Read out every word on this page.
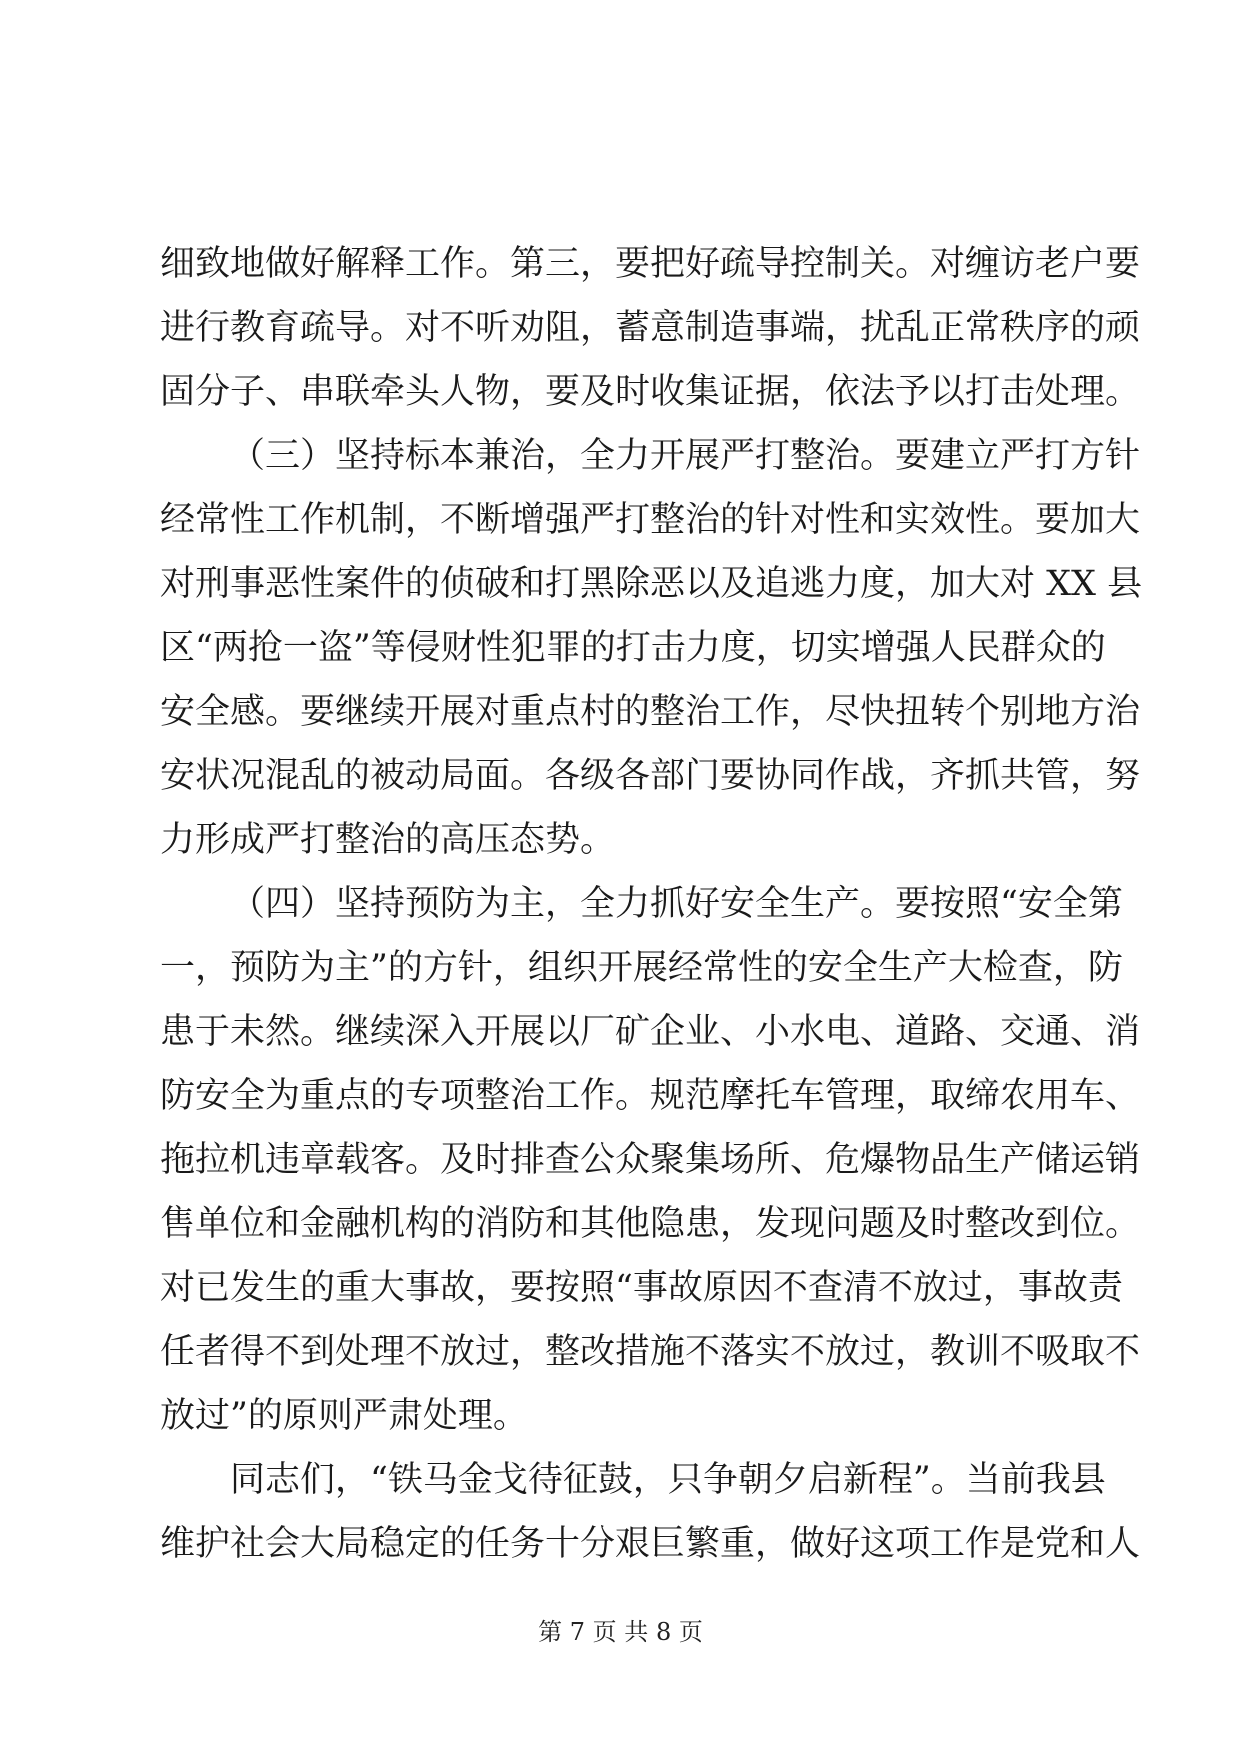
细致地做好解释工作。第三，要把好疏导控制关。对缠访老户要
进行教育疏导。对不听劝阻，蓄意制造事端，扰乱正常秩序的顽
固分子、串联牵头人物，要及时收集证据，依法予以打击处理。
（三）坚持标本兼治，全力开展严打整治。要建立严打方针
经常性工作机制，不断增强严打整治的针对性和实效性。要加大
对刑事恶性案件的侦破和打黑除恶以及追逃力度，加大对 XX 县
区“两抢一盗”等侵财性犯罪的打击力度，切实增强人民群众的
安全感。要继续开展对重点村的整治工作，尽快扭转个别地方治
安状况混乱的被动局面。各级各部门要协同作战，齐抓共管，努
力形成严打整治的高压态势。
（四）坚持预防为主，全力抓好安全生产。要按照“安全第
一，预防为主”的方针，组织开展经常性的安全生产大检查，防
患于未然。继续深入开展以厂矿企业、小水电、道路、交通、消
防安全为重点的专项整治工作。规范摩托车管理，取缔农用车、
拖拉机违章载客。及时排查公众聚集场所、危爆物品生产储运销
售单位和金融机构的消防和其他隐患，发现问题及时整改到位。
对已发生的重大事故，要按照“事故原因不查清不放过，事故责
任者得不到处理不放过，整改措施不落实不放过，教训不吸取不
放过”的原则严肃处理。
同志们，“铁马金戈待征鼓，只争朝夕启新程”。当前我县
维护社会大局稳定的任务十分艰巨繁重，做好这项工作是党和人
第 7 页 共 8 页
